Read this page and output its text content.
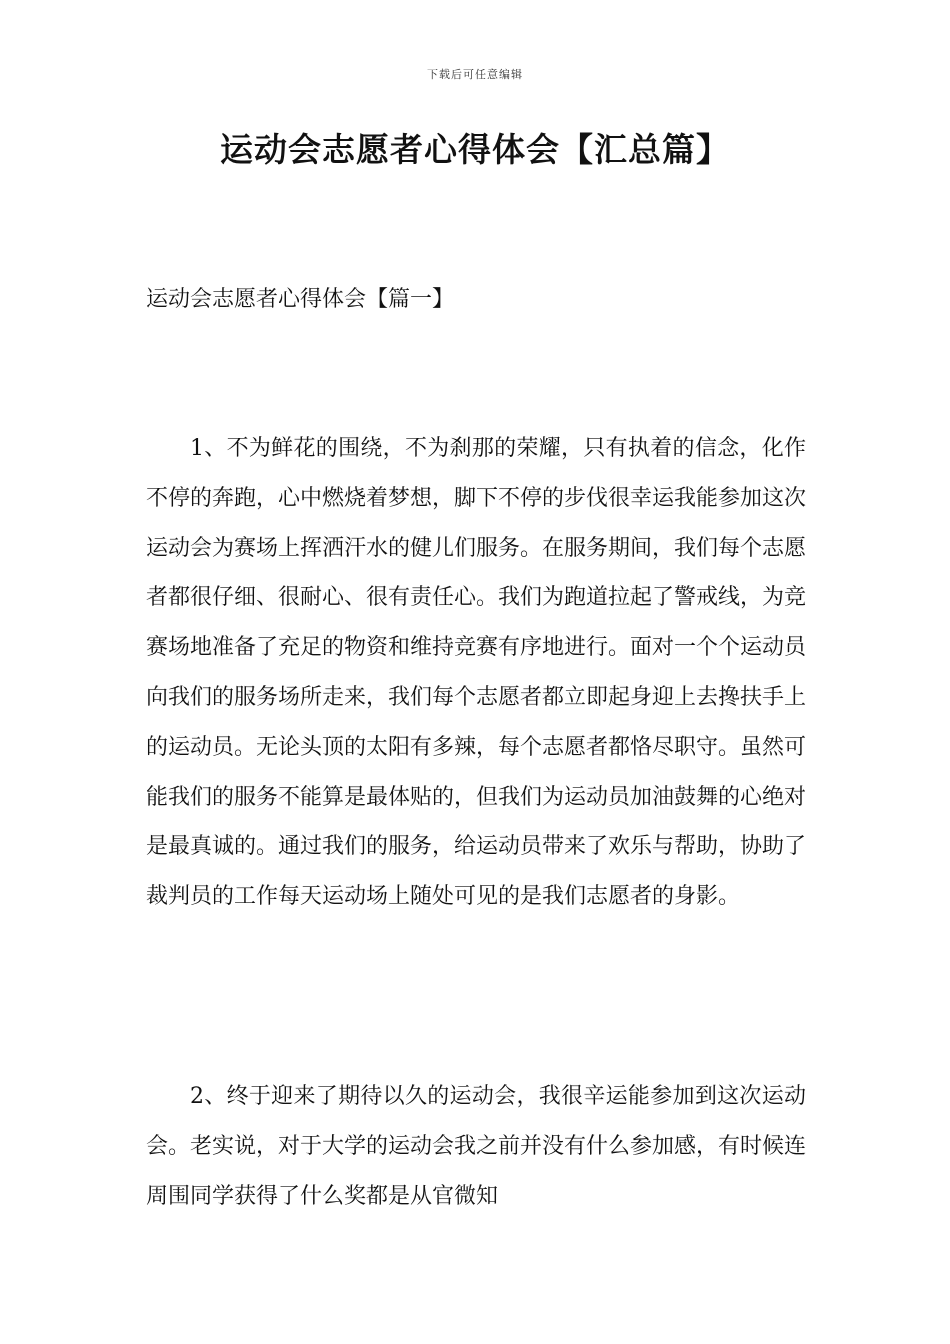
下载后可任意编辑
运动会志愿者心得体会【汇总篇】
运动会志愿者心得体会【篇一】

1、不为鲜花的围绕，不为刹那的荣耀，只有执着的信念，化作不停的奔跑，心中燃烧着梦想，脚下不停的步伐很幸运我能参加这次运动会为赛场上挥洒汗水的健儿们服务。在服务期间，我们每个志愿者都很仔细、很耐心、很有责任心。我们为跑道拉起了警戒线，为竞赛场地准备了充足的物资和维持竞赛有序地进行。面对一个个运动员向我们的服务场所走来，我们每个志愿者都立即起身迎上去搀扶手上的运动员。无论头顶的太阳有多辣，每个志愿者都恪尽职守。虽然可能我们的服务不能算是最体贴的，但我们为运动员加油鼓舞的心绝对是最真诚的。通过我们的服务，给运动员带来了欢乐与帮助，协助了裁判员的工作每天运动场上随处可见的是我们志愿者的身影。

2、终于迎来了期待以久的运动会，我很辛运能参加到这次运动会。老实说，对于大学的运动会我之前并没有什么参加感，有时候连周围同学获得了什么奖都是从官微知
